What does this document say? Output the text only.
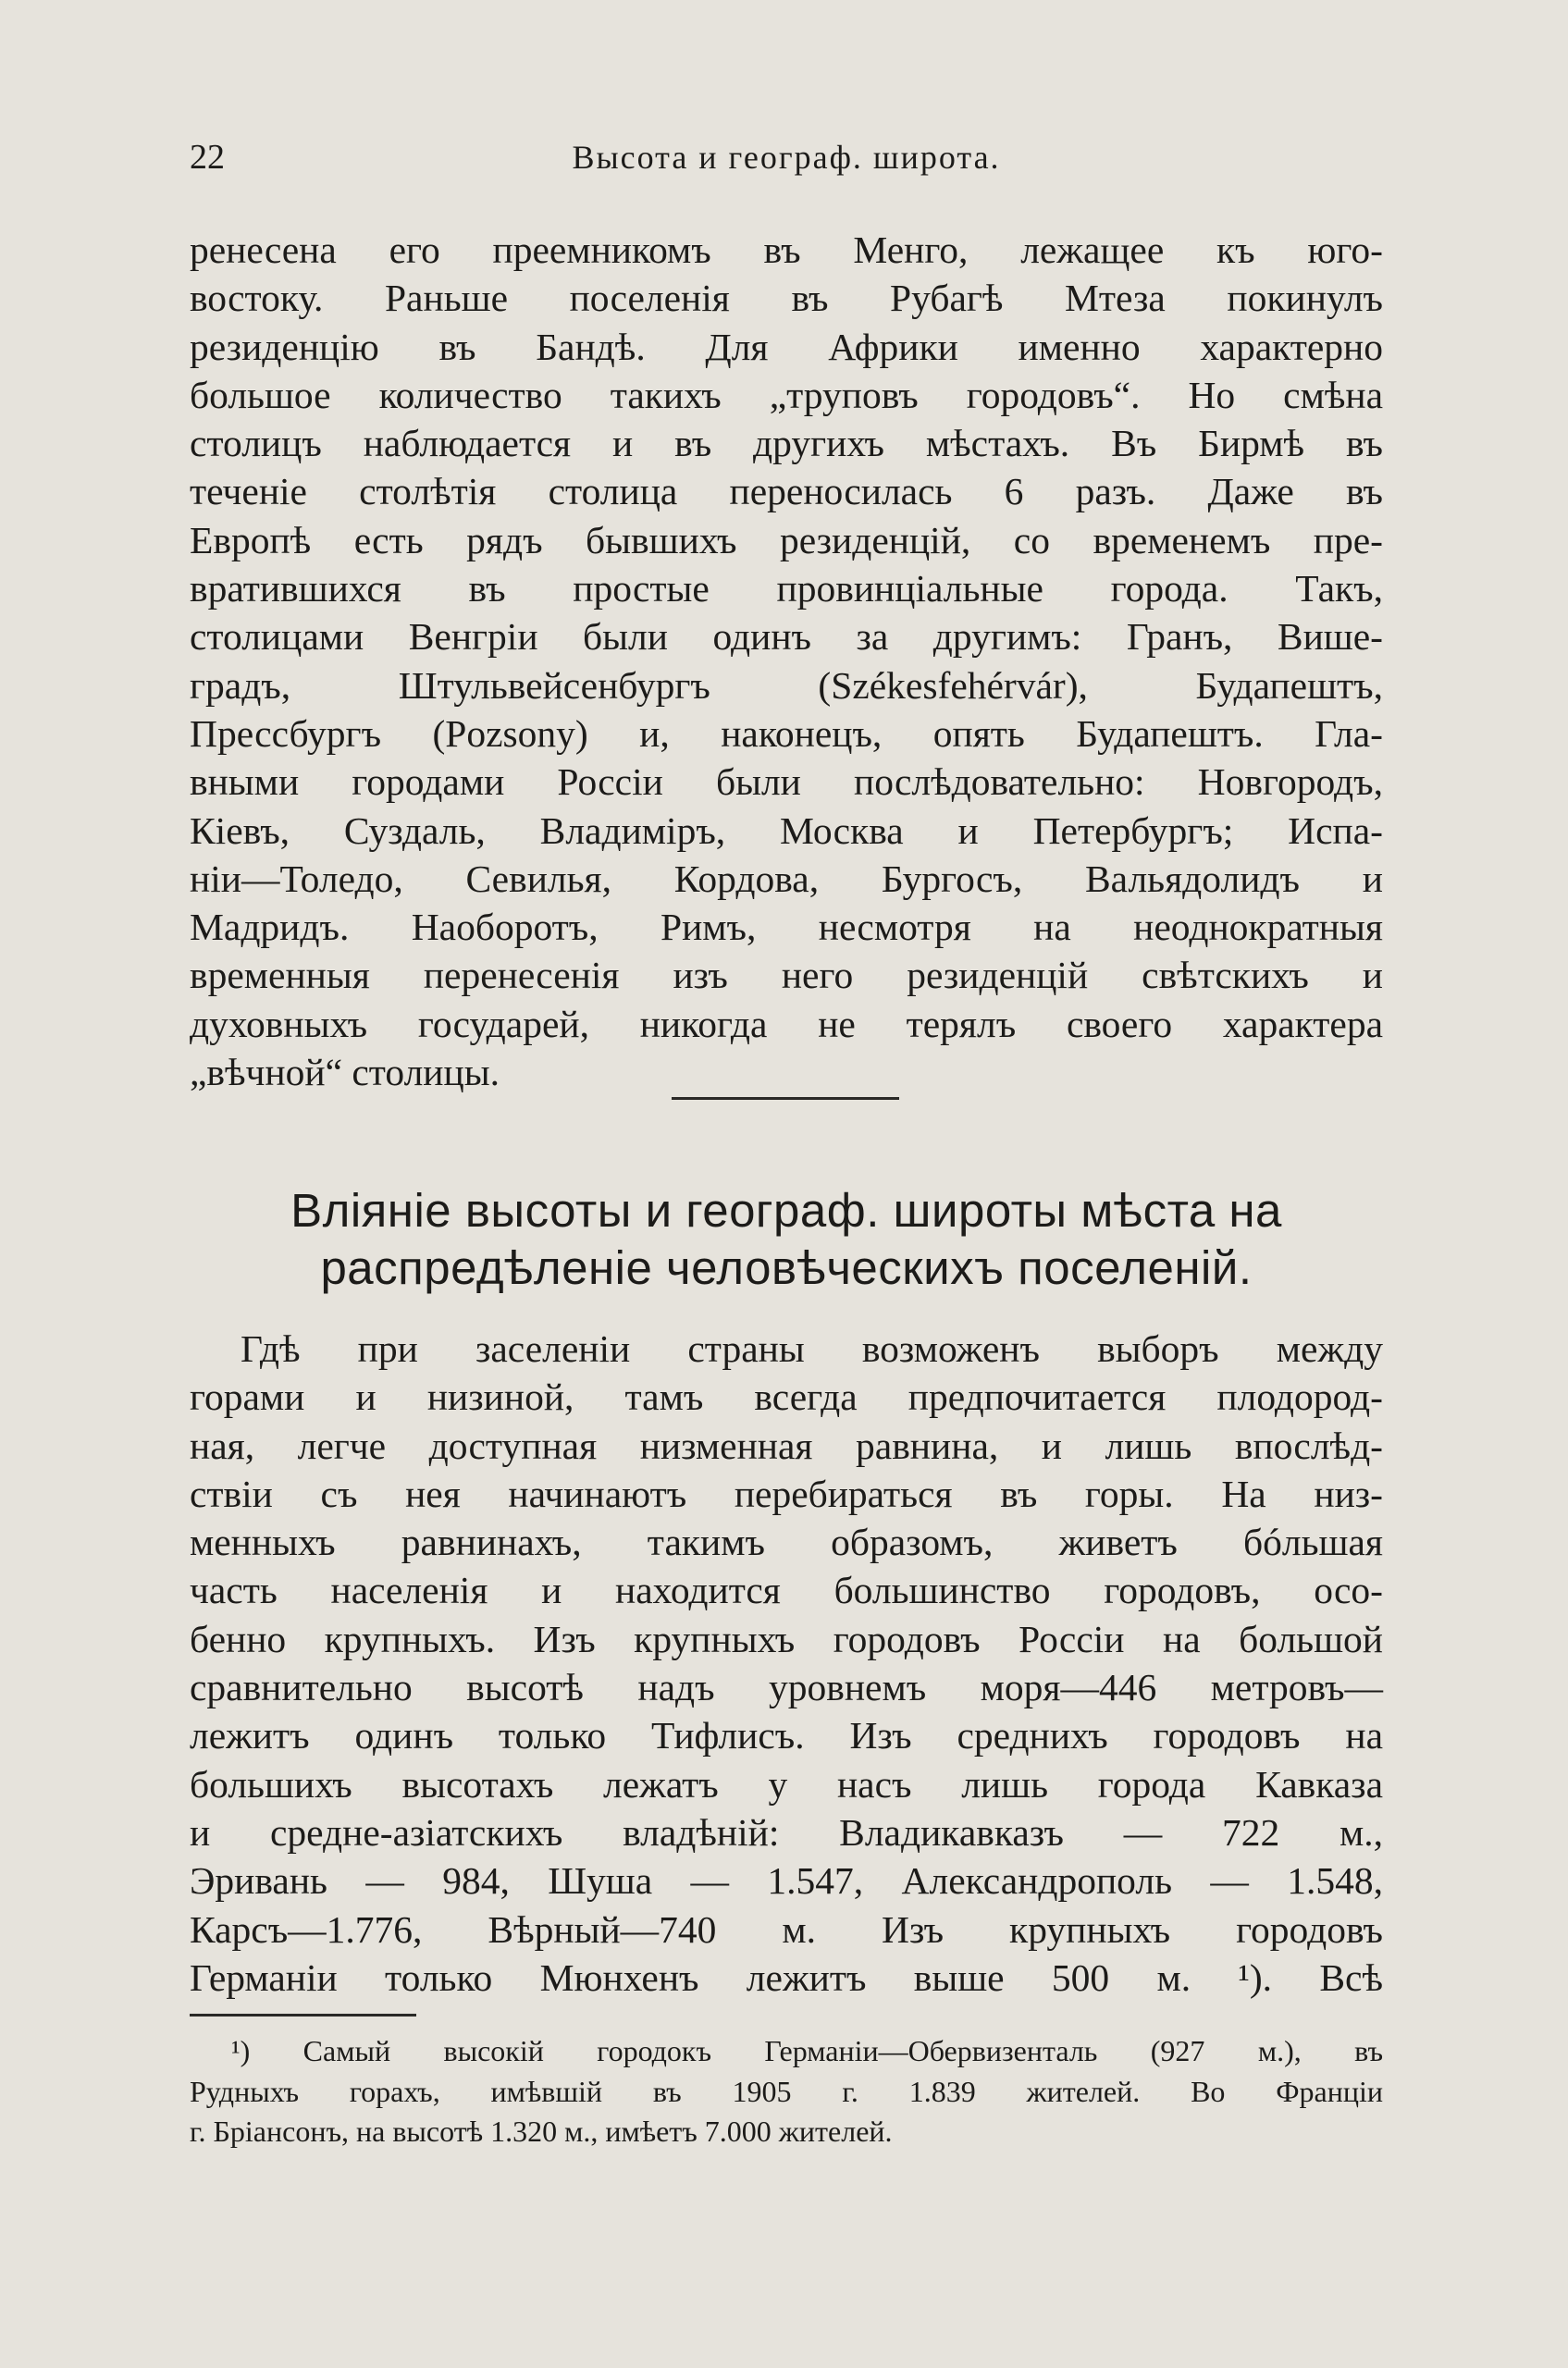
22	Высота и географ. широта.
ренесена его преемникомъ въ Менго, лежащее къ юго-
востоку. Раньше поселенія въ Рубагѣ Мтеза покинулъ
резиденцію въ Бандѣ. Для Африки именно характерно
большое количество такихъ „труповъ городовъ“. Но смѣна
столицъ наблюдается и въ другихъ мѣстахъ. Въ Бирмѣ въ
теченіе столѣтія столица переносилась 6 разъ. Даже въ
Европѣ есть рядъ бывшихъ резиденцій, со временемъ пре-
вратившихся въ простые провинціальные города. Такъ,
столицами Венгріи были одинъ за другимъ: Гранъ, Више-
градъ, Штульвейсенбургъ (Székesfehérvár), Будапештъ,
Прессбургъ (Pozsony) и, наконецъ, опять Будапештъ. Гла-
вными городами Россіи были послѣдовательно: Новгородъ,
Кіевъ, Суздаль, Владиміръ, Москва и Петербургъ; Испа-
ніи—Толедо, Севилья, Кордова, Бургосъ, Вальядолидъ и
Мадридъ. Наоборотъ, Римъ, несмотря на неоднократныя
временныя перенесенія изъ него резиденцій свѣтскихъ и
духовныхъ государей, никогда не терялъ своего характера
„вѣчной“ столицы.
Вліяніе высоты и географ. широты мѣста на
распредѣленіе человѣческихъ поселеній.
Гдѣ при заселеніи страны возможенъ выборъ между
горами и низиной, тамъ всегда предпочитается плодород-
ная, легче доступная низменная равнина, и лишь впослѣд-
ствіи съ нея начинаютъ перебираться въ горы. На низ-
менныхъ равнинахъ, такимъ образомъ, живетъ бóльшая
часть населенія и находится большинство городовъ, осо-
бенно крупныхъ. Изъ крупныхъ городовъ Россіи на большой
сравнительно высотѣ надъ уровнемъ моря—446 метровъ—
лежитъ одинъ только Тифлисъ. Изъ среднихъ городовъ на
большихъ высотахъ лежатъ у насъ лишь города Кавказа
и средне-азіатскихъ владѣній: Владикавказъ — 722 м.,
Эривань — 984, Шуша — 1.547, Александрополь — 1.548,
Карсъ—1.776, Вѣрный—740 м. Изъ крупныхъ городовъ
Германіи только Мюнхенъ лежитъ выше 500 м. ¹). Всѣ
¹) Самый высокій городокъ Германіи—Обервизенталь (927 м.), въ
Рудныхъ горахъ, имѣвшій въ 1905 г. 1.839 жителей. Во Франціи
г. Бріансонъ, на высотѣ 1.320 м., имѣетъ 7.000 жителей.
